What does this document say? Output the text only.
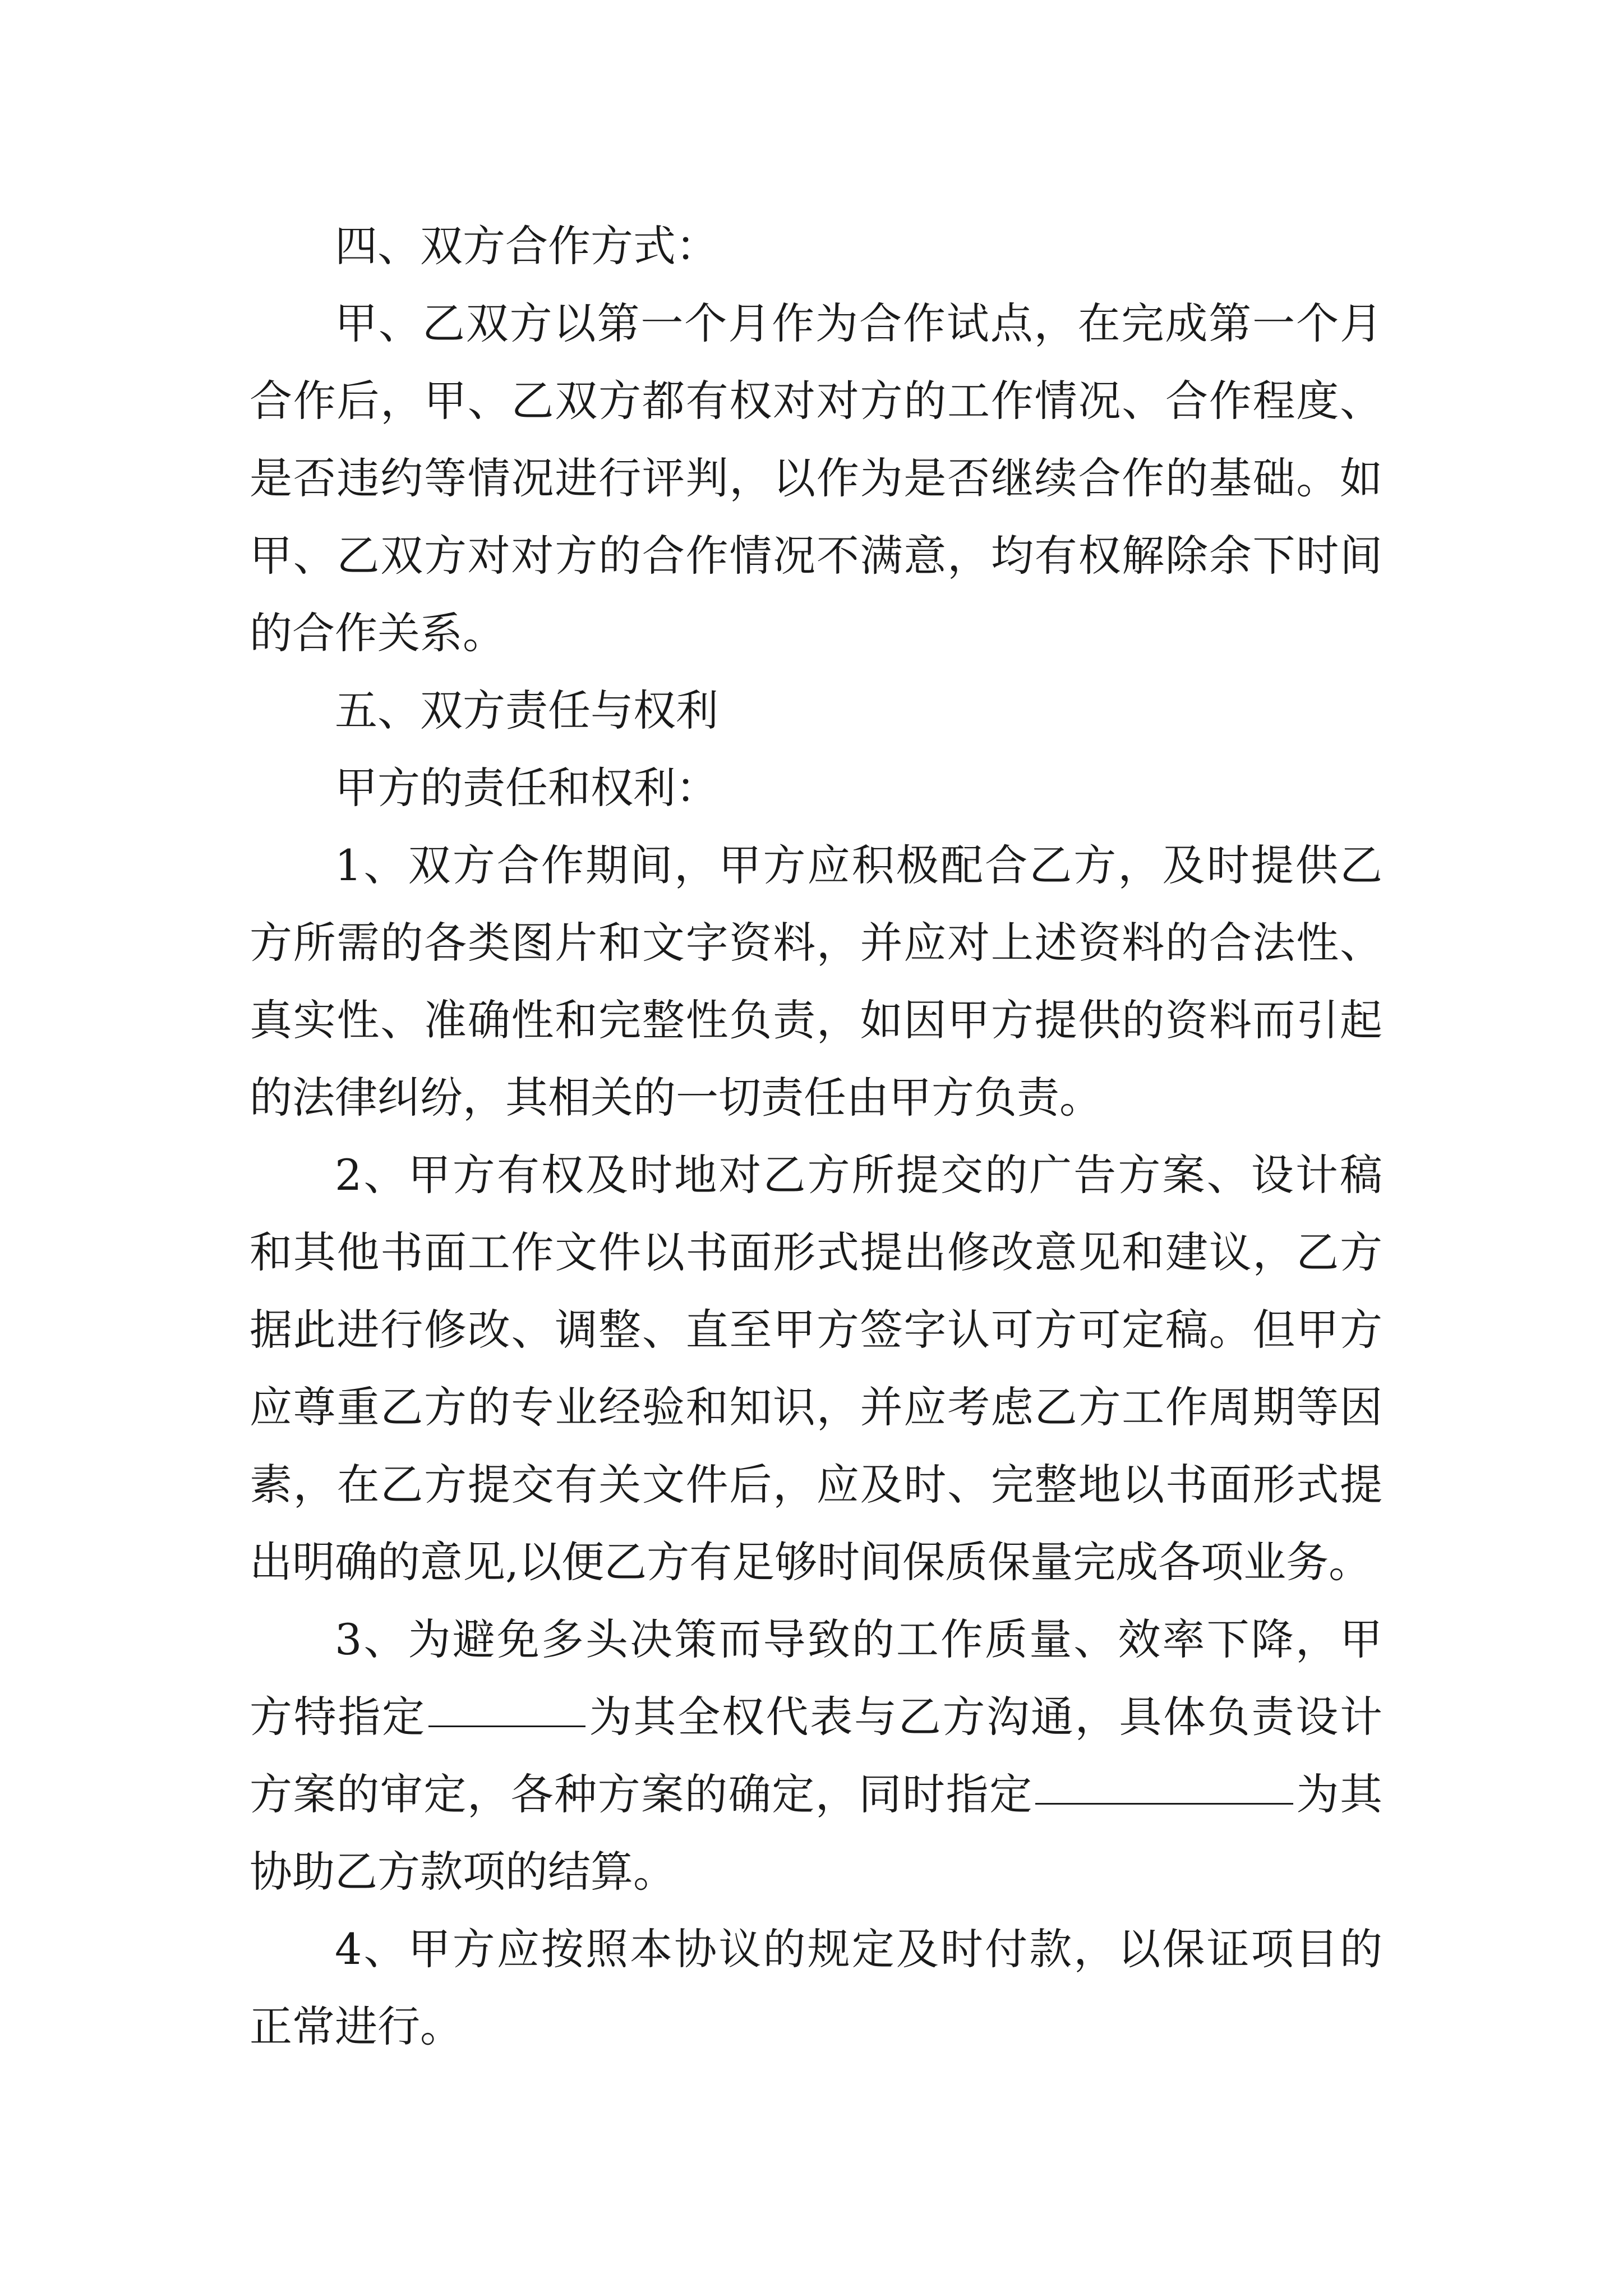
四、双方合作方式：

甲、乙双方以第一个月作为合作试点，在完成第一个月合作后，甲、乙双方都有权对对方的工作情况、合作程度、是否违约等情况进行评判，以作为是否继续合作的基础。如甲、乙双方对对方的合作情况不满意，均有权解除余下时间的合作关系。

五、双方责任与权利

甲方的责任和权利：

1、双方合作期间，甲方应积极配合乙方，及时提供乙方所需的各类图片和文字资料，并应对上述资料的合法性、真实性、准确性和完整性负责，如因甲方提供的资料而引起的法律纠纷，其相关的一切责任由甲方负责。

2、甲方有权及时地对乙方所提交的广告方案、设计稿和其他书面工作文件以书面形式提出修改意见和建议，乙方据此进行修改、调整、直至甲方签字认可方可定稿。但甲方应尊重乙方的专业经验和知识，并应考虑乙方工作周期等因素，在乙方提交有关文件后，应及时、完整地以书面形式提出明确的意见,以便乙方有足够时间保质保量完成各项业务。

3、为避免多头决策而导致的工作质量、效率下降，甲方特指定	为其全权代表与乙方沟通，具体负责设计方案的审定，各种方案的确定，同时指定	为其协助乙方款项的结算。

4、甲方应按照本协议的规定及时付款，以保证项目的正常进行。
